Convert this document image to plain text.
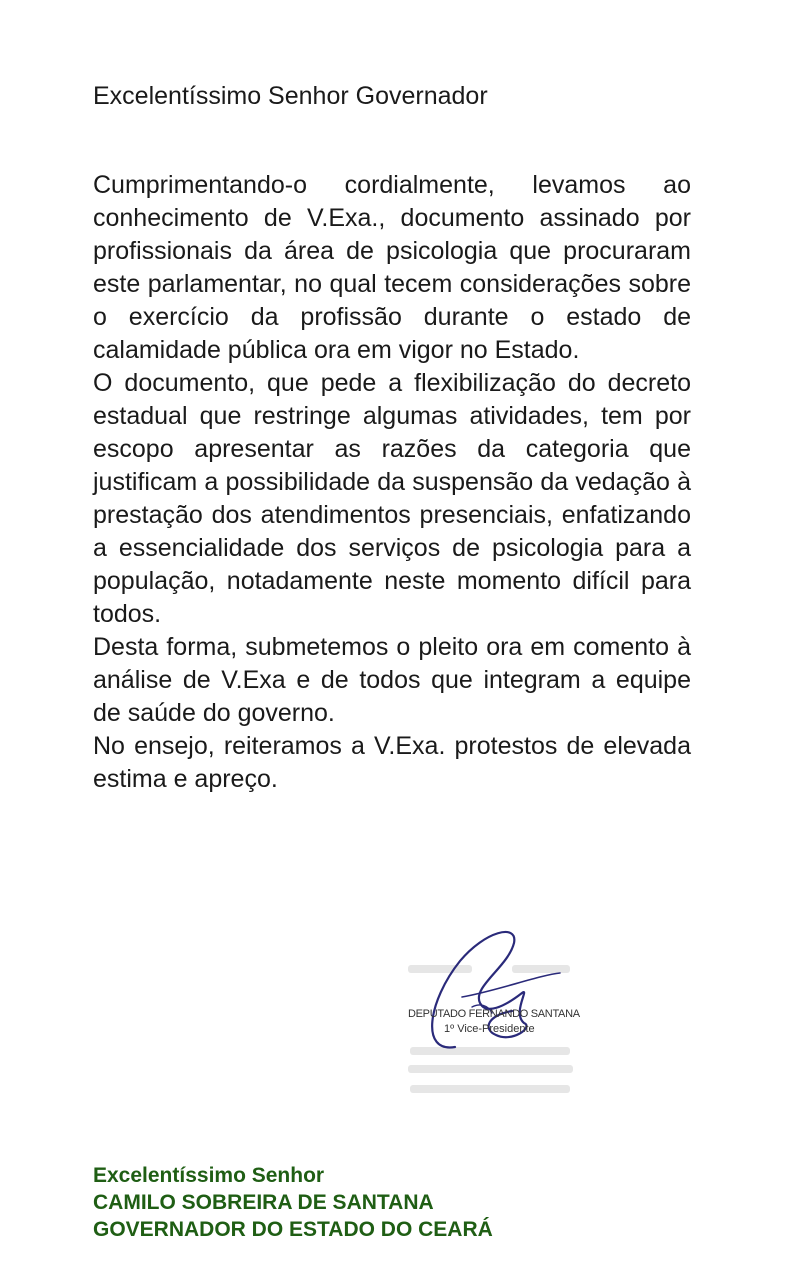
Excelentíssimo Senhor Governador

Cumprimentando-o cordialmente, levamos ao conhecimento de V.Exa., documento assinado por profissionais da área de psicologia que procuraram este parlamentar, no qual tecem considerações sobre o exercício da profissão durante o estado de calamidade pública ora em vigor no Estado.

O documento, que pede a flexibilização do decreto estadual que restringe algumas atividades, tem por escopo apresentar as razões da categoria que justificam a possibilidade da suspensão da vedação à prestação dos atendimentos presenciais, enfatizando a essencialidade dos serviços de psicologia para a população, notadamente neste momento difícil para todos.

Desta forma, submetemos o pleito ora em comento à análise de V.Exa e de todos que integram a equipe de saúde do governo.

No ensejo, reiteramos a V.Exa. protestos de elevada estima e apreço.

DEPUTADO FERNANDO SANTANA
1º Vice-Presidente
Excelentíssimo Senhor
CAMILO SOBREIRA DE SANTANA
GOVERNADOR DO ESTADO DO CEARÁ
